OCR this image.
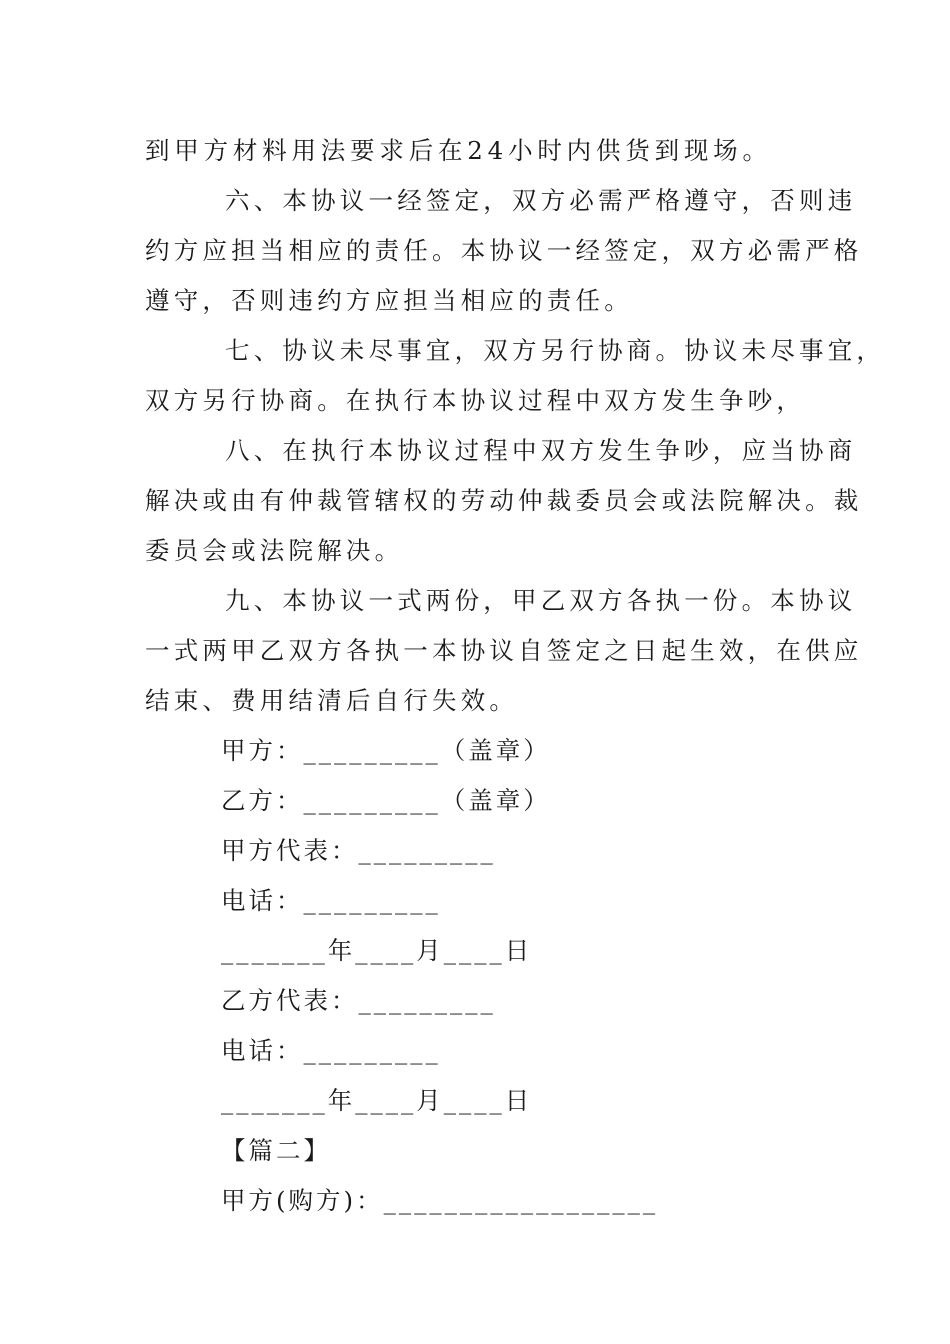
到甲方材料用法要求后在24小时内供货到现场。
六、本协议一经签定，双方必需严格遵守，否则违
约方应担当相应的责任。本协议一经签定，双方必需严格
遵守，否则违约方应担当相应的责任。
七、协议未尽事宜，双方另行协商。协议未尽事宜，
双方另行协商。在执行本协议过程中双方发生争吵，
八、在执行本协议过程中双方发生争吵，应当协商
解决或由有仲裁管辖权的劳动仲裁委员会或法院解决。裁
委员会或法院解决。
九、本协议一式两份，甲乙双方各执一份。本协议
一式两甲乙双方各执一本协议自签定之日起生效，在供应
结束、费用结清后自行失效。
甲方：_________（盖章）
乙方：_________（盖章）
甲方代表：_________
电话：_________
_______年____月____日
乙方代表：_________
电话：_________
_______年____月____日
【篇二】
甲方(购方)：__________________
